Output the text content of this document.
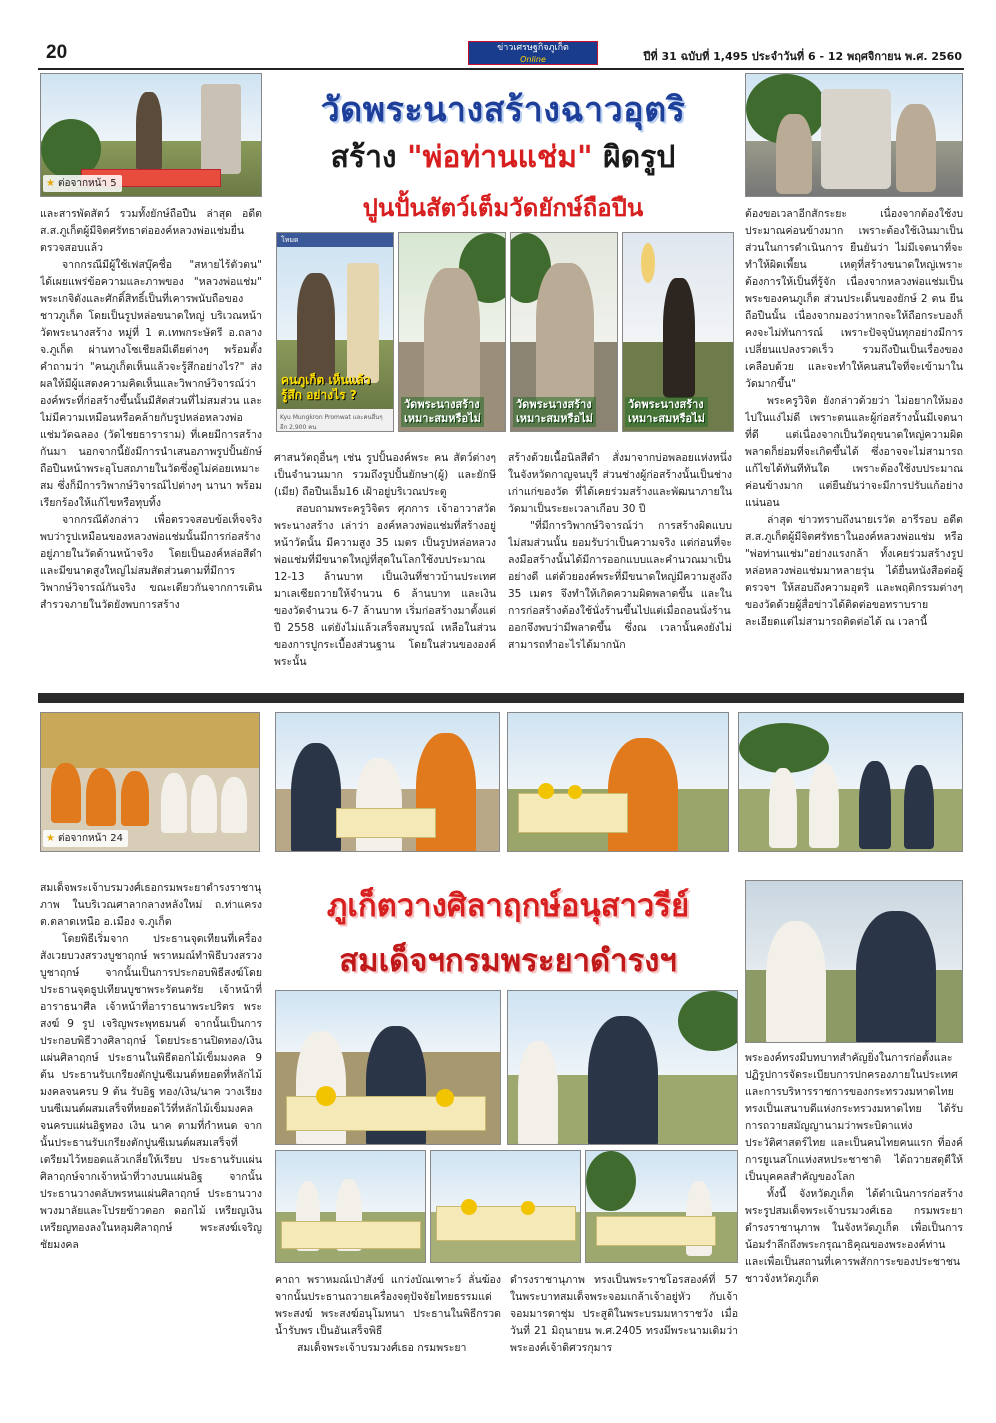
20	ข่าวเศรษฐกิจภูเก็ต
Online	ปีที่ 31 ฉบับที่ 1,495 ประจำวันที่ 6 - 12 พฤศจิกายน พ.ศ. 2560
★ ต่อจากหน้า 5
วัดพระนางสร้างฉาวอุตริ
สร้าง "พ่อท่านแช่ม" ผิดรูป
ปูนปั้นสัตว์เต็มวัดยักษ์ถือปืน
โหมด
คนภูเก็ต เห็นแล้ว
รู้สึก อย่างไร ?
Kyu Mungkron Promwat และคนอื่นๆ อีก 2,900 คน
วัดพระนางสร้าง
เหมาะสมหรือไม่
วัดพระนางสร้าง
เหมาะสมหรือไม่
วัดพระนางสร้าง
เหมาะสมหรือไม่

และสารพัดสัตว์ รวมทั้งยักษ์ถือปืน ล่าสุด อดีต ส.ส.ภูเก็ตผู้มีจิตศรัทธาต่อองค์หลวงพ่อแช่มยื่นตรวจสอบแล้ว

จากกรณีมีผู้ใช้เฟสบุ๊คชื่อ "สหายไร้ตัวตน" ได้เผยแพร่ข้อความและภาพของ "หลวงพ่อแช่ม" พระเกจิดังและศักดิ์สิทธิ์เป็นที่เคารพนับถือของชาวภูเก็ต โดยเป็นรูปหล่อขนาดใหญ่ บริเวณหน้าวัดพระนางสร้าง หมู่ที่ 1 ต.เทพกระษัตรี อ.ถลาง จ.ภูเก็ต ผ่านทางโซเชียลมีเดียต่างๆ พร้อมตั้งคำถามว่า "คนภูเก็ตเห็นแล้วจะรู้สึกอย่างไร?" ส่งผลให้มีผู้แสดงความคิดเห็นและวิพากษ์วิจารณ์ว่า องค์พระที่ก่อสร้างขึ้นนั้นมีสัดส่วนที่ไม่สมส่วน และไม่มีความเหมือนหรือคล้ายกับรูปหล่อหลวงพ่อแช่มวัดฉลอง (วัดไชยธาราราม) ที่เคยมีการสร้างกันมา นอกจากนี้ยังมีการนำเสนอภาพรูปปั้นยักษ์ถือปืนหน้าพระอุโบสถภายในวัดซึ่งดูไม่ค่อยเหมาะสม ซึ่งก็มีการวิพากษ์วิจารณ์ไปต่างๆ นานา พร้อมเรียกร้องให้แก้ไขหรือทุบทิ้ง

จากกรณีดังกล่าว เพื่อตรวจสอบข้อเท็จจริง พบว่ารูปเหมือนของหลวงพ่อแช่มนั้นมีการก่อสร้างอยู่ภายในวัดด้านหน้าจริง โดยเป็นองค์หล่อสีดำ และมีขนาดสูงใหญ่ไม่สมสัดส่วนตามที่มีการวิพากษ์วิจารณ์กันจริง ขณะเดียวกันจากการเดินสำรวจภายในวัดยังพบการสร้าง

ศาสนวัตถุอื่นๆ เช่น รูปปั้นองค์พระ คน สัตว์ต่างๆ เป็นจำนวนมาก รวมถึงรูปปั้นยักษา(ผู้) และยักษี (เมีย) ถือปืนเอ็ม16 เฝ้าอยู่บริเวณประตู

สอบถามพระครูวิจิตร ศุภการ เจ้าอาวาสวัดพระนางสร้าง เล่าว่า องค์หลวงพ่อแช่มที่สร้างอยู่หน้าวัดนั้น มีความสูง 35 เมตร เป็นรูปหล่อหลวงพ่อแช่มที่มีขนาดใหญ่ที่สุดในโลกใช้งบประมาณ 12-13 ล้านบาท เป็นเงินที่ชาวบ้านประเทศมาเลเซียถวายให้จำนวน 6 ล้านบาท และเงินของวัดจำนวน 6-7 ล้านบาท เริ่มก่อสร้างมาตั้งแต่ปี 2558 แต่ยังไม่แล้วเสร็จสมบูรณ์ เหลือในส่วนของการปูกระเบื้องส่วนฐาน โดยในส่วนขององค์พระนั้น

สร้างด้วยเนื้อนิลสีดำ สั่งมาจากบ่อพลอยแห่งหนึ่งในจังหวัดกาญจนบุรี ส่วนช่างผู้ก่อสร้างนั้นเป็นช่างเก่าแก่ของวัด ที่ได้เคยร่วมสร้างและพัฒนาภายในวัดมาเป็นระยะเวลาเกือบ 30 ปี

"ที่มีการวิพากษ์วิจารณ์ว่า การสร้างผิดแบบไม่สมส่วนนั้น ยอมรับว่าเป็นความจริง แต่ก่อนที่จะลงมือสร้างนั้นได้มีการออกแบบและคำนวณมาเป็นอย่างดี แต่ด้วยองค์พระที่มีขนาดใหญ่มีความสูงถึง 35 เมตร จึงทำให้เกิดความผิดพลาดขึ้น และในการก่อสร้างต้องใช้นั่งร้านขึ้นไปแต่เมื่อถอนนั่งร้านออกจึงพบว่ามีพลาดขึ้น ซึ่งณ เวลานั้นคงยังไม่สามารถทำอะไรได้มากนัก

ต้องขอเวลาอีกสักระยะ เนื่องจากต้องใช้งบประมาณค่อนข้างมาก เพราะต้องใช้เงินมาเป็นส่วนในการดำเนินการ ยืนยันว่า ไม่มีเจตนาที่จะทำให้ผิดเพี้ยน เหตุที่สร้างขนาดใหญ่เพราะต้องการให้เป็นที่รู้จัก เนื่องจากหลวงพ่อแช่มเป็นพระของคนภูเก็ต ส่วนประเด็นของยักษ์ 2 ตน ยืนถือปืนนั้น เนื่องจากมองว่าหากจะให้ถือกระบองก็คงจะไม่ทันการณ์ เพราะปัจจุบันทุกอย่างมีการเปลี่ยนแปลงรวดเร็ว รวมถึงปืนเป็นเรื่องของเคลือบด้วย และจะทำให้คนสนใจที่จะเข้ามาในวัดมากขึ้น"

พระครูวิจิต ยังกล่าวด้วยว่า ไม่อยากให้มองไปในแง่ไม่ดี เพราะตนและผู้ก่อสร้างนั้นมีเจตนาที่ดี แต่เนื่องจากเป็นวัตถุขนาดใหญ่ความผิดพลาดก็ย่อมที่จะเกิดขึ้นได้ ซึ่งอาจจะไม่สามารถแก้ไขได้ทันทีทันใด เพราะต้องใช้งบประมาณค่อนข้างมาก แต่ยืนยันว่าจะมีการปรับแก้อย่างแน่นอน

ล่าสุด ข่าวทราบถึงนายเรวัต อารีรอบ อดีต ส.ส.ภูเก็ตผู้มีจิตศรัทธาในองค์หลวงพ่อแช่ม หรือ "พ่อท่านแช่ม"อย่างแรงกล้า ทั้งเคยร่วมสร้างรูปหล่อหลวงพ่อแช่มมาหลายรุ่น ได้ยื่นหนังสือต่อผู้ตรวจฯ ให้สอบถึงความอุตริ และพฤติกรรมต่างๆของวัดด้วยผู้สื่อข่าวได้ติดต่อขอทราบรายละเอียดแต่ไม่สามารถติดต่อได้ ณ เวลานี้

★ ต่อจากหน้า 24
ภูเก็ตวางศิลาฤกษ์อนุสาวรีย์
สมเด็จฯกรมพระยาดำรงฯ

สมเด็จพระเจ้าบรมวงศ์เธอกรมพระยาดำรงราชานุภาพ ในบริเวณศาลากลางหลังใหม่ ถ.ท่าแครง ต.ตลาดเหนือ อ.เมือง จ.ภูเก็ต

โดยพิธีเริ่มจาก ประธานจุดเทียนที่เครื่องสังเวยบวงสรวงบูชาฤกษ์ พราหมณ์ทำพิธีบวงสรวงบูชาฤกษ์ จากนั้นเป็นการประกอบพิธีสงฆ์โดยประธานจุดธูปเทียนบูชาพระรัตนตรัย เจ้าหน้าที่อาราธนาศีล เจ้าหน้าที่อาราธนาพระปริตร พระสงฆ์ 9 รูป เจริญพระพุทธมนต์ จากนั้นเป็นการประกอบพิธีวางศิลาฤกษ์ โดยประธานปิดทอง/เงินแผ่นศิลาฤกษ์ ประธานในพิธีตอกไม้เข็มมงคล 9 ต้น ประธานรับเกรียงตักปูนซีเมนต์หยอดที่หลักไม้มงคลจนครบ 9 ต้น รับอิฐ ทอง/เงิน/นาค วางเรียงบนซีเมนต์ผสมเสร็จที่หยอดไว้ที่หลักไม้เข็มมงคลจนครบแผ่นอิฐทอง เงิน นาค ตามที่กำหนด จากนั้นประธานรับเกรียงตักปูนซีเมนต์ผสมเสร็จที่เตรียมไว้หยอดแล้วเกลี่ยให้เรียบ ประธานรับแผ่นศิลาฤกษ์จากเจ้าหน้าที่วางบนแผ่นอิฐ จากนั้นประธานวางตลับพรหนแผ่นศิลาฤกษ์ ประธานวางพวงมาลัยและโปรยข้าวตอก ดอกไม้ เหรียญเงิน เหรียญทองลงในหลุมศิลาฤกษ์ พระสงฆ์เจริญชัยมงคล

คาถา พราหมณ์เป่าสังข์ แกว่งบัณเฑาะว์ ลั่นฆ้อง จากนั้นประธานถวายเครื่องจตุปัจจัยไทยธรรมแด่พระสงฆ์ พระสงฆ์อนุโมทนา ประธานในพิธีกรวดน้ำรับพร เป็นอันเสร็จพิธี

สมเด็จพระเจ้าบรมวงศ์เธอ กรมพระยา

ดำรงราชานุภาพ ทรงเป็นพระราชโอรสองค์ที่ 57 ในพระบาทสมเด็จพระจอมเกล้าเจ้าอยู่หัว กับเจ้าจอมมารดาชุ่ม ประสูติในพระบรมมหาราชวัง เมื่อวันที่ 21 มิถุนายน พ.ศ.2405 ทรงมีพระนามเดิมว่า พระองค์เจ้าดิศวรกุมาร

พระองค์ทรงมีบทบาทสำคัญยิ่งในการก่อตั้งและปฏิรูปการจัดระเบียบการปกครองภายในประเทศและการบริหารราชการของกระทรวงมหาดไทย ทรงเป็นเสนาบดีแห่งกระทรวงมหาดไทย ได้รับการถวายสมัญญานามว่าพระบิดาแห่งประวัติศาสตร์ไทย และเป็นคนไทยคนแรก ที่องค์การยูเนสโกแห่งสหประชาชาติ ได้ถวายสดุดีให้เป็นบุคคลสำคัญของโลก

ทั้งนี้ จังหวัดภูเก็ต ได้ดำเนินการก่อสร้างพระรูปสมเด็จพระเจ้าบรมวงศ์เธอ กรมพระยาดำรงราชานุภาพ ในจังหวัดภูเก็ต เพื่อเป็นการน้อมรำลึกถึงพระกรุณาธิคุณของพระองค์ท่าน และเพื่อเป็นสถานที่เคารพสักการะของประชาชนชาวจังหวัดภูเก็ต
